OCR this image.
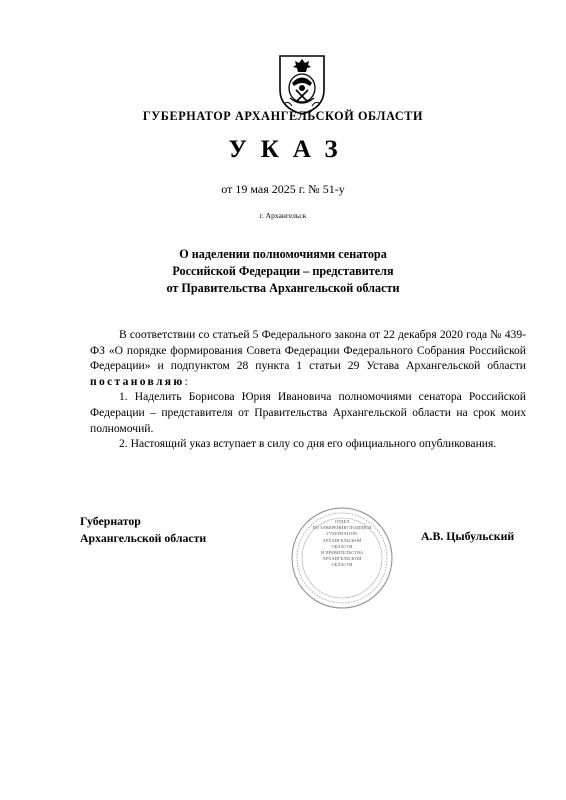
ГУБЕРНАТОР АРХАНГЕЛЬСКОЙ ОБЛАСТИ
УКАЗ
от 19 мая 2025 г. № 51-у
г. Архангельск
О наделении полномочиями сенатора
Российской Федерации – представителя
от Правительства Архангельской области

В соответствии со статьей 5 Федерального закона от 22 декабря 2020 года № 439-ФЗ «О порядке формирования Совета Федерации Федерального Собрания Российской Федерации» и подпунктом 28 пункта 1 статьи 29 Устава Архангельской области постановляю:

1. Наделить Борисова Юрия Ивановича полномочиями сенатора Российской Федерации – представителя от Правительства Архангельской области на срок моих полномочий.

2. Настоящий указ вступает в силу со дня его официального опубликования.

Губернатор
Архангельской области
ОТДЕЛ
ПО ЗАВЕРЕНИЮ ПОДПИСИ
ГУБЕРНАТОРА
АРХАНГЕЛЬСКОЙ
ОБЛАСТИ
И ПРАВИТЕЛЬСТВА
АРХАНГЕЛЬСКОЙ
ОБЛАСТИ
А.В. Цыбульский
